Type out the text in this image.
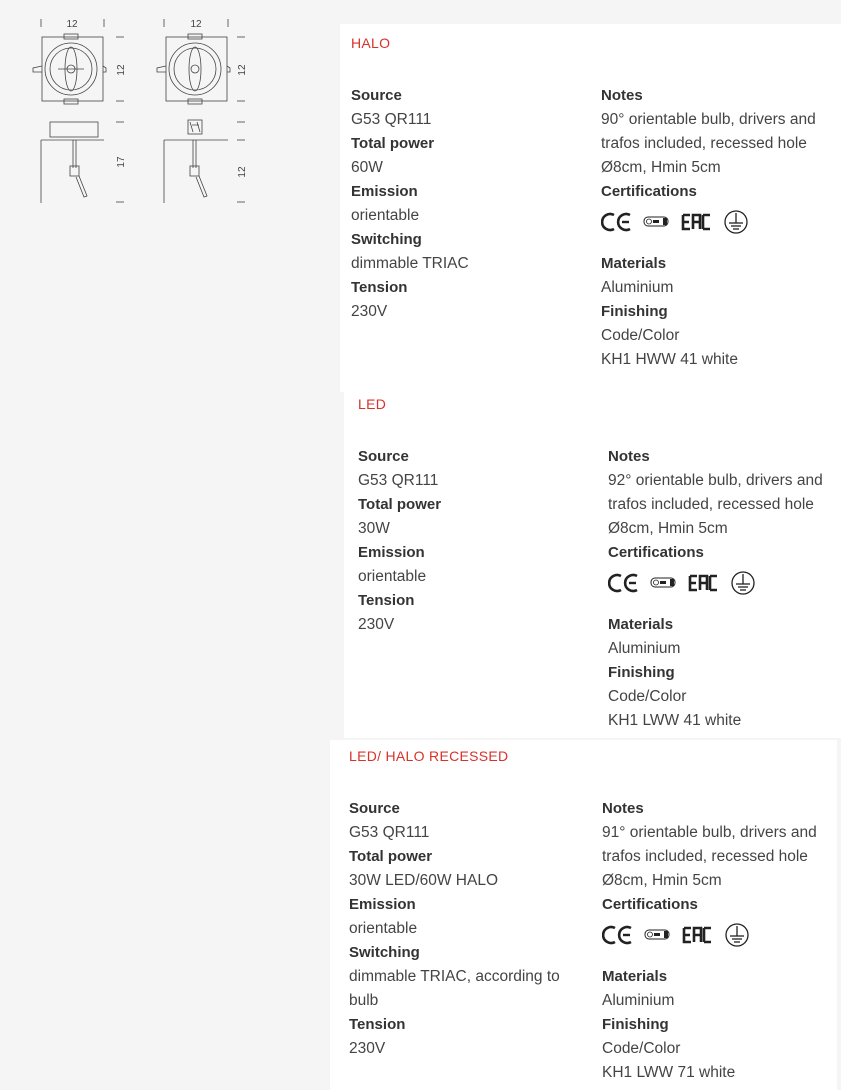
12	12
12	12
17
12
HALO
Source
G53 QR111
Total power
60W
Emission
orientable
Switching
dimmable TRIAC
Tension
230V
Notes
90° orientable bulb, drivers and trafos included, recessed hole Ø8cm, Hmin 5cm
Certifications
Materials
Aluminium
Finishing
Code/Color
KH1 HWW 41 white
LED
Source
G53 QR111
Total power
30W
Emission
orientable
Tension
230V
Notes
92° orientable bulb, drivers and trafos included, recessed hole Ø8cm, Hmin 5cm
Certifications
Materials
Aluminium
Finishing
Code/Color
KH1 LWW 41 white
LED/ HALO RECESSED
Source
G53 QR111
Total power
30W LED/60W HALO
Emission
orientable
Switching
dimmable TRIAC, according to bulb
Tension
230V
Notes
91° orientable bulb, drivers and trafos included, recessed hole Ø8cm, Hmin 5cm
Certifications
Materials
Aluminium
Finishing
Code/Color
KH1 LWW 71 white
